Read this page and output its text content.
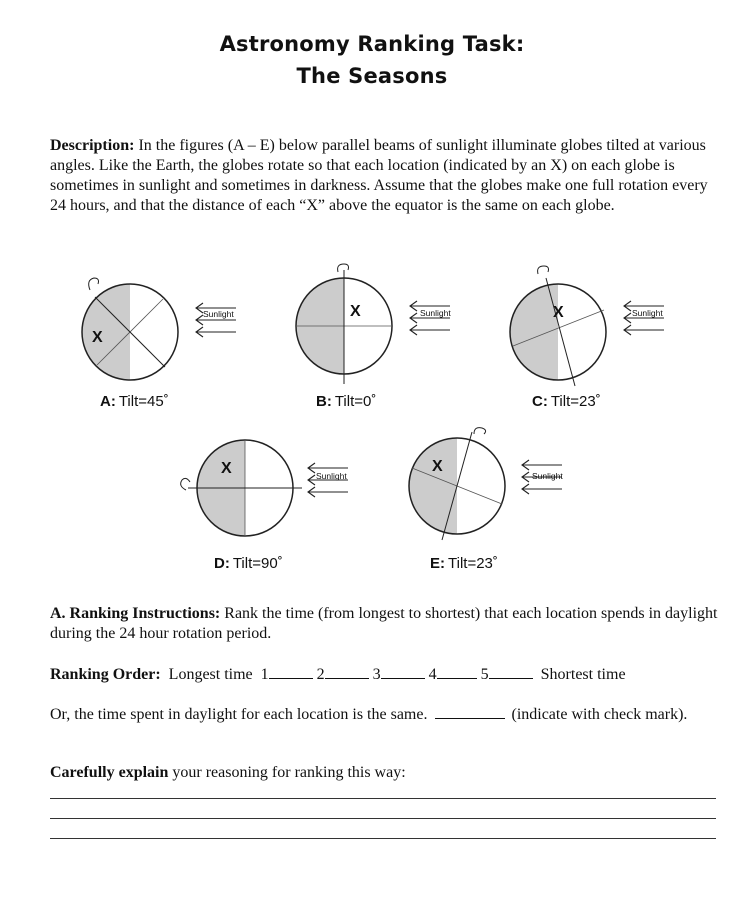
Astronomy Ranking Task:
The Seasons
Description: In the figures (A – E) below parallel beams of sunlight illuminate globes tilted at various angles. Like the Earth, the globes rotate so that each location (indicated by an X) on each globe is sometimes in sunlight and sometimes in darkness. Assume that the globes make one full rotation every 24 hours, and that the distance of each “X” above the equator is the same on each globe.
X
Sunlight
A: Tilt=45˚
X	Sunlight
B: Tilt=0˚
X	Sunlight
C: Tilt=23˚
X	Sunlight
D: Tilt=90˚
X
Sunlight
E: Tilt=23˚
A. Ranking Instructions: Rank the time (from longest to shortest) that each location spends in daylight during the 24 hour rotation period.
Ranking Order: Longest time 1	2	3	4	5	Shortest time
Or, the time spent in daylight for each location is the same.	(indicate with check mark).
Carefully explain your reasoning for ranking this way:
